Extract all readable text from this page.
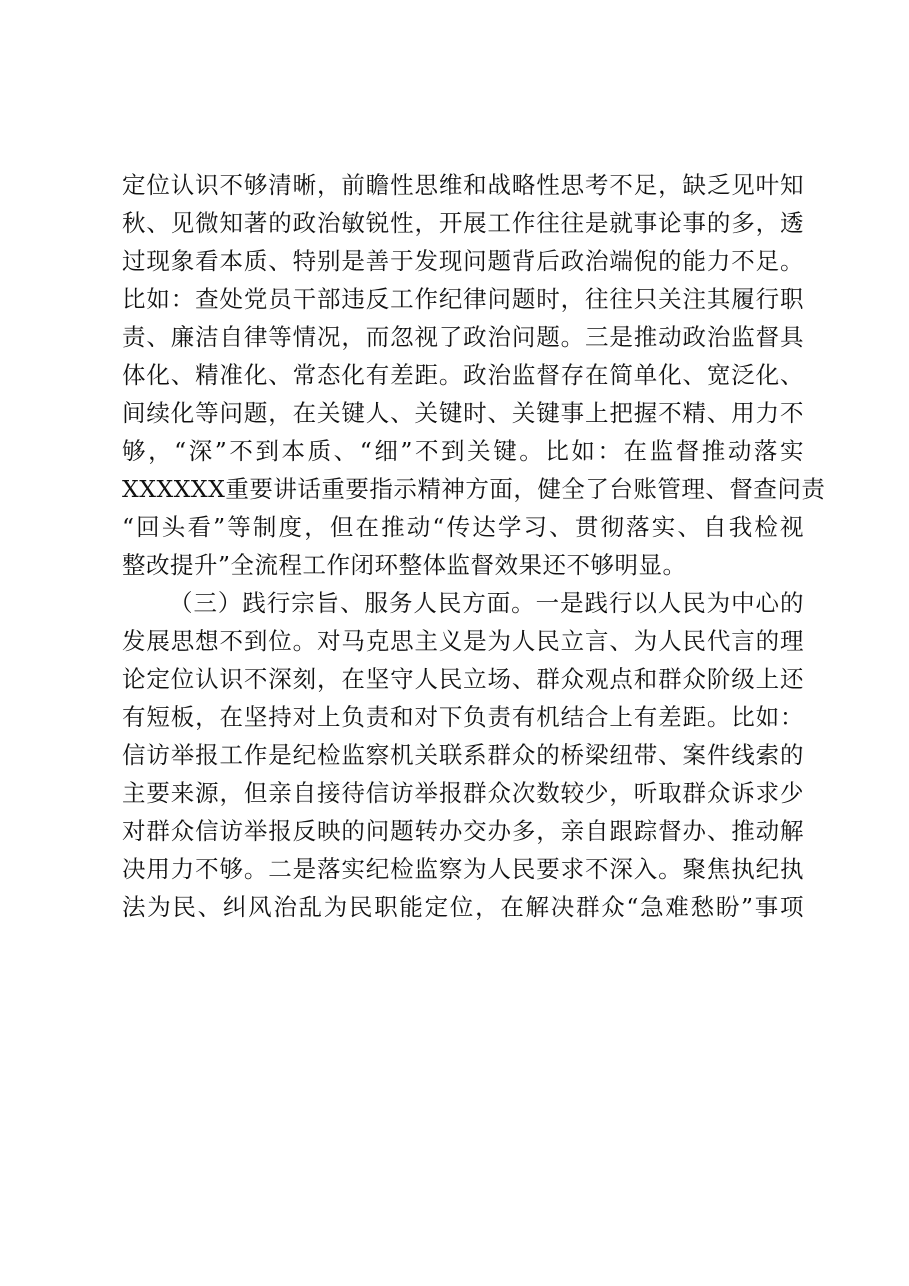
定位认识不够清晰，前瞻性思维和战略性思考不足，缺乏见叶知
秋、见微知著的政治敏锐性，开展工作往往是就事论事的多，透
过现象看本质、特别是善于发现问题背后政治端倪的能力不足。
比如：查处党员干部违反工作纪律问题时，往往只关注其履行职
责、廉洁自律等情况，而忽视了政治问题。三是推动政治监督具
体化、精准化、常态化有差距。政治监督存在简单化、宽泛化、
间续化等问题，在关键人、关键时、关键事上把握不精、用力不
够，“深”不到本质、“细”不到关键。比如：在监督推动落实
XXXXXX重要讲话重要指示精神方面，健全了台账管理、督查问责
“回头看”等制度，但在推动“传达学习、贯彻落实、自我检视
整改提升”全流程工作闭环整体监督效果还不够明显。
（三）践行宗旨、服务人民方面。一是践行以人民为中心的
发展思想不到位。对马克思主义是为人民立言、为人民代言的理
论定位认识不深刻，在坚守人民立场、群众观点和群众阶级上还
有短板，在坚持对上负责和对下负责有机结合上有差距。比如：
信访举报工作是纪检监察机关联系群众的桥梁纽带、案件线索的
主要来源，但亲自接待信访举报群众次数较少，听取群众诉求少
对群众信访举报反映的问题转办交办多，亲自跟踪督办、推动解
决用力不够。二是落实纪检监察为人民要求不深入。聚焦执纪执
法为民、纠风治乱为民职能定位，在解决群众“急难愁盼”事项
